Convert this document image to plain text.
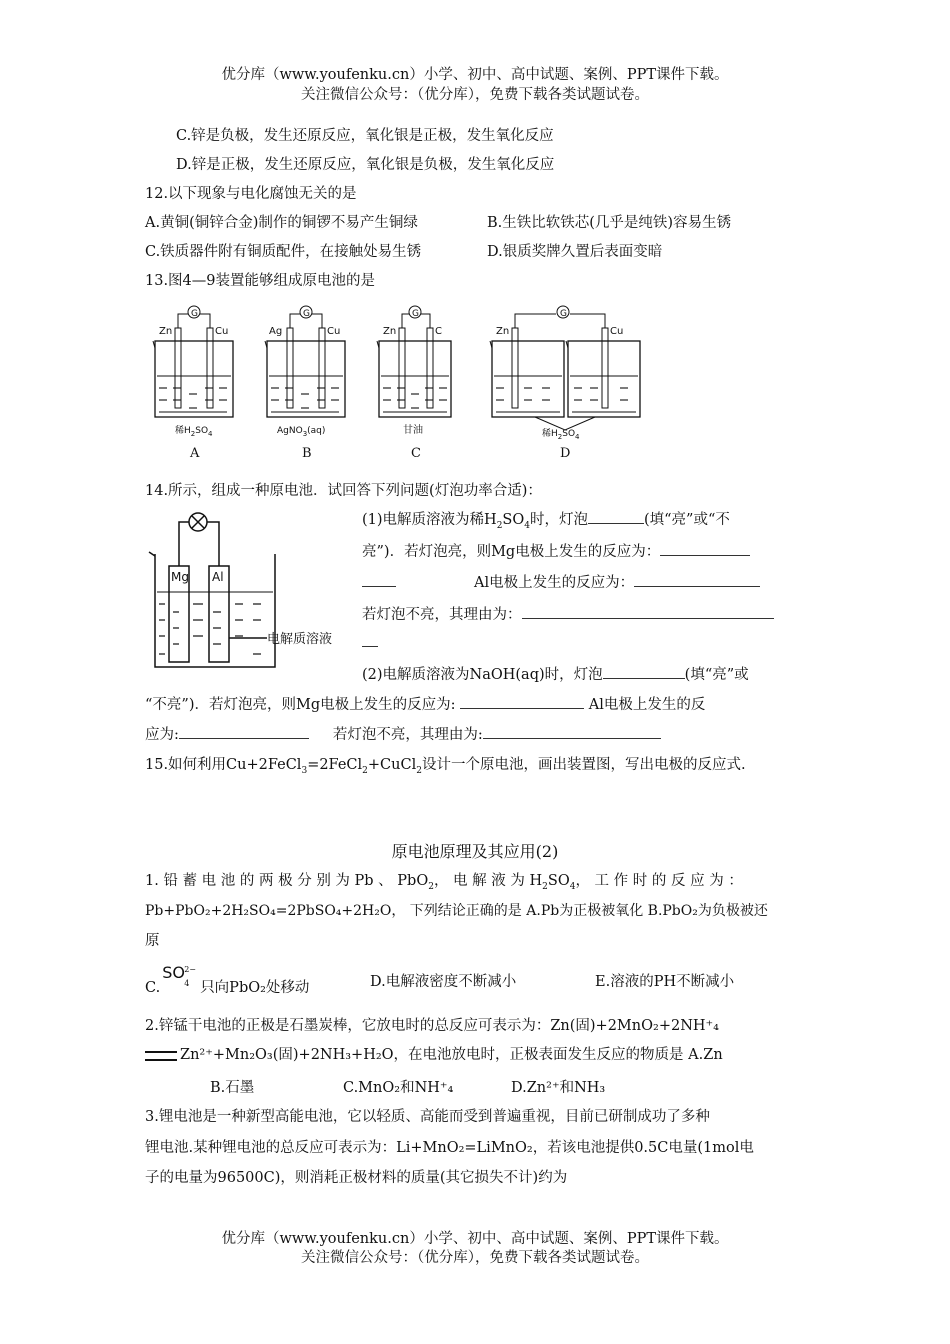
优分库（www.youfenku.cn）小学、初中、高中试题、案例、PPT课件下载。
关注微信公众号：（优分库），免费下载各类试题试卷。
C.锌是负极，发生还原反应，氧化银是正极，发生氧化反应
D.锌是正极，发生还原反应，氧化银是负极，发生氧化反应
12.以下现象与电化腐蚀无关的是
A.黄铜(铜锌合金)制作的铜锣不易产生铜绿	B.生铁比软铁芯(几乎是纯铁)容易生锈
C.铁质器件附有铜质配件，在接触处易生锈	D.银质奖牌久置后表面变暗
13.图4—9装置能够组成原电池的是
G
Zn	Cu
稀$H_2SO_4$
A
G
Ag	Cu
AgNO$_3$(aq)
B
G
Zn	C
甘油
C
G
Zn	Cu
稀$H_2SO_4$
D
14.所示，组成一种原电池．试回答下列问题(灯泡功率合适)：
Mg Al
电解质溶液
(1)电解质溶液为稀$H_2SO_4$时，灯泡	(填“亮”或“不
亮”)．若灯泡亮，则Mg电极上发生的反应为：
Al电极上发生的反应为：
若灯泡不亮，其理由为：
(2)电解质溶液为NaOH(aq)时，灯泡	(填“亮”或
“不亮”)．若灯泡亮，则Mg电极上发生的反应为:	Al电极上发生的反
应为:	若灯泡不亮，其理由为:
15.如何利用Cu+2FeCl$_3$=2FeCl$_2$+CuCl$_2$设计一个原电池，画出装置图，写出电极的反应式.
原电池原理及其应用(2)
1. 铅 蓄 电 池 的 两 极 分 别 为 Pb 、 PbO$_2$， 电 解 液 为 $H_2SO_4$， 工 作 时 的 反 应 为 ：
Pb+PbO₂+2H₂SO₄=2PbSO₄+2H₂O， 下列结论正确的是 A.Pb为正极被氧化 B.PbO₂为负极被还
原
C.
SO 2−
4 只向PbO₂处移动	D.电解液密度不断减小	E.溶液的PH不断减小
2.锌锰干电池的正极是石墨炭棒，它放电时的总反应可表示为：Zn(固)+2MnO₂+2NH⁺₄
Zn²⁺+Mn₂O₃(固)+2NH₃+H₂O，在电池放电时，正极表面发生反应的物质是 A.Zn
B.石墨	C.MnO₂和NH⁺₄	D.Zn²⁺和NH₃
3.锂电池是一种新型高能电池，它以轻质、高能而受到普遍重视，目前已研制成功了多种
锂电池.某种锂电池的总反应可表示为：Li+MnO₂=LiMnO₂，若该电池提供0.5C电量(1mol电
子的电量为96500C)，则消耗正极材料的质量(其它损失不计)约为
优分库（www.youfenku.cn）小学、初中、高中试题、案例、PPT课件下载。
关注微信公众号：（优分库），免费下载各类试题试卷。
